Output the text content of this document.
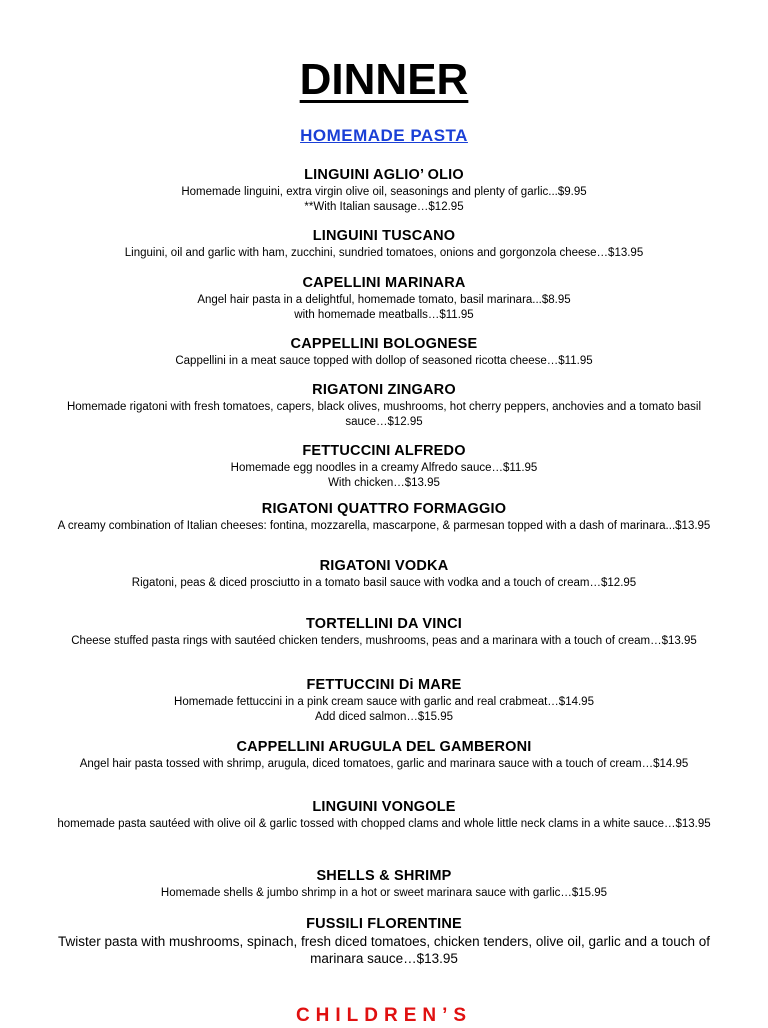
DINNER
HOMEMADE PASTA

LINGUINI AGLIO’ OLIO

Homemade linguini, extra virgin olive oil, seasonings and plenty of garlic...$9.95

**With Italian sausage…$12.95

LINGUINI TUSCANO

Linguini, oil and garlic with ham, zucchini, sundried tomatoes, onions and gorgonzola cheese…$13.95

CAPELLINI MARINARA

Angel hair pasta in a delightful, homemade tomato, basil marinara...$8.95

with homemade meatballs…$11.95

CAPPELLINI BOLOGNESE

Cappellini in a meat sauce topped with dollop of seasoned ricotta cheese…$11.95

RIGATONI ZINGARO

Homemade rigatoni with fresh tomatoes, capers, black olives, mushrooms, hot cherry peppers, anchovies and a tomato basil sauce…$12.95

FETTUCCINI ALFREDO

Homemade egg noodles in a creamy Alfredo sauce…$11.95

With chicken…$13.95

RIGATONI QUATTRO FORMAGGIO

A creamy combination of Italian cheeses: fontina, mozzarella, mascarpone, & parmesan topped with a dash of marinara...$13.95

RIGATONI VODKA

Rigatoni, peas & diced prosciutto in a tomato basil sauce with vodka and a touch of cream…$12.95

TORTELLINI DA VINCI

Cheese stuffed pasta rings with sautéed chicken tenders, mushrooms, peas and a marinara with a touch of cream…$13.95

FETTUCCINI Di MARE

Homemade fettuccini in a pink cream sauce with garlic and real crabmeat…$14.95

Add diced salmon…$15.95

CAPPELLINI ARUGULA DEL GAMBERONI

Angel hair pasta tossed with shrimp, arugula, diced tomatoes, garlic and marinara sauce with a touch of cream…$14.95

LINGUINI VONGOLE

homemade pasta sautéed with olive oil & garlic tossed with chopped clams and whole little neck clams in a white sauce…$13.95

SHELLS & SHRIMP

Homemade shells & jumbo shrimp in a hot or sweet marinara sauce with garlic…$15.95

FUSSILI FLORENTINE

Twister pasta with mushrooms, spinach, fresh diced tomatoes, chicken tenders, olive oil, garlic and a touch of marinara sauce…$13.95

CHILDREN’S
